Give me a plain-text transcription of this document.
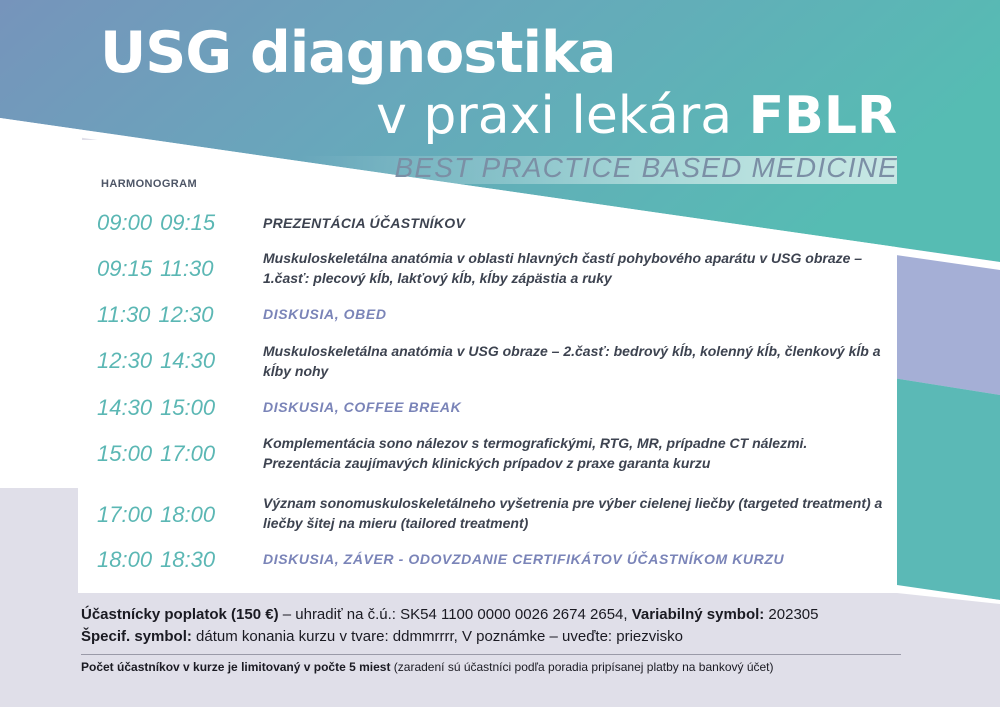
USG diagnostika
v praxi lekára FBLR
BEST PRACTICE BASED MEDICINE
HARMONOGRAM
09:00 09:15	PREZENTÁCIA ÚČASTNÍKOV
09:15 11:30	Muskuloskeletálna anatómia v oblasti hlavných častí pohybového aparátu v USG obraze – 1.časť: plecový kĺb, lakťový kĺb, kĺby zápästia a ruky
11:30 12:30	DISKUSIA, OBED
12:30 14:30	Muskuloskeletálna anatómia v USG obraze – 2.časť: bedrový kĺb, kolenný kĺb, členkový kĺb a kĺby nohy
14:30 15:00	DISKUSIA, COFFEE BREAK
15:00 17:00	Komplementácia sono nálezov s termografickými, RTG, MR, prípadne CT nálezmi. Prezentácia zaujímavých klinických prípadov z praxe garanta kurzu
17:00 18:00	Význam sonomuskuloskeletálneho vyšetrenia pre výber cielenej liečby (targeted treatment) a liečby šitej na mieru (tailored treatment)
18:00 18:30	DISKUSIA, ZÁVER - ODOVZDANIE CERTIFIKÁTOV ÚČASTNÍKOM KURZU
Účastnícky poplatok (150 €) – uhradiť na č.ú.: SK54 1100 0000 0026 2674 2654, Variabilný symbol: 202305
Špecif. symbol: dátum konania kurzu v tvare: ddmmrrrr, V poznámke – uveďte: priezvisko
Počet účastníkov v kurze je limitovaný v počte 5 miest (zaradení sú účastníci podľa poradia pripísanej platby na bankový účet)
